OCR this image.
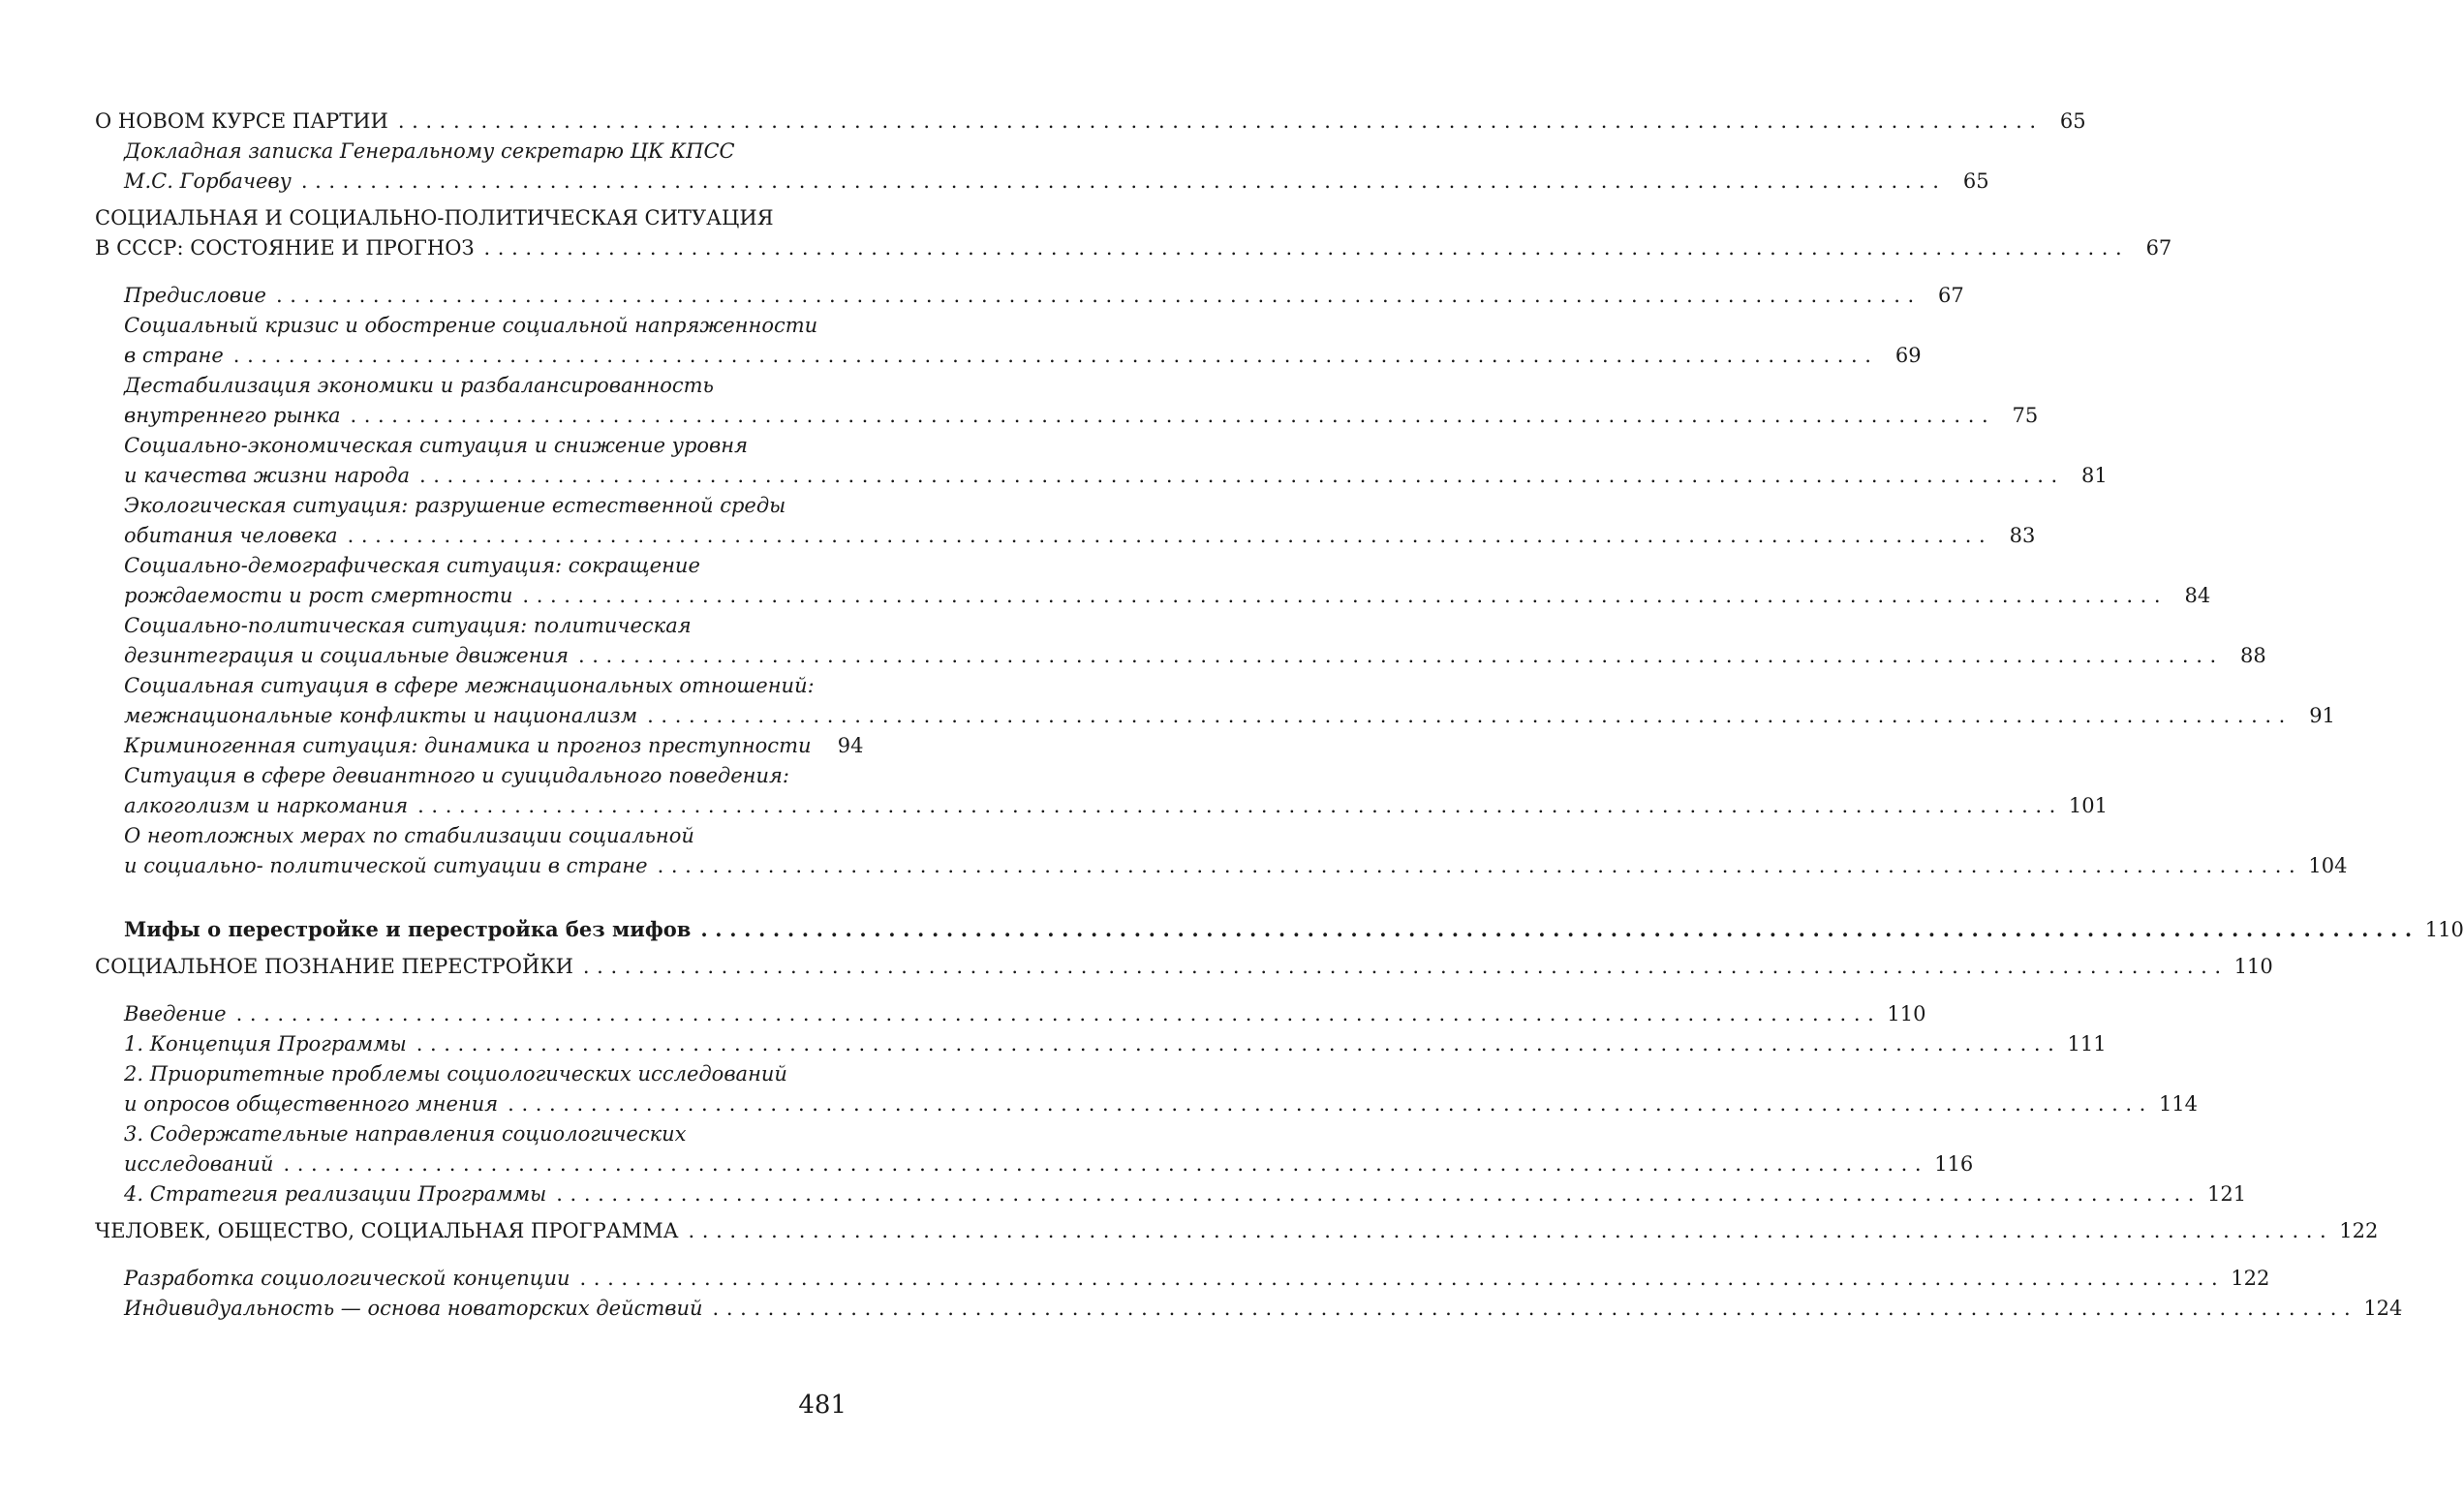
О НОВОМ КУРСЕ ПАРТИИ ....................................................................................................................... 65
Докладная записка Генеральному секретарю ЦК КПСС
М.С. Горбачеву ....................................................................................................................... 65
СОЦИАЛЬНАЯ И СОЦИАЛЬНО-ПОЛИТИЧЕСКАЯ СИТУАЦИЯ
В СССР: СОСТОЯНИЕ И ПРОГНОЗ ....................................................................................................................... 67
Предисловие ....................................................................................................................... 67
Социальный кризис и обострение социальной напряженности
в стране ....................................................................................................................... 69
Дестабилизация экономики и разбалансированность
внутреннего рынка ....................................................................................................................... 75
Социально-экономическая ситуация и снижение уровня
и качества жизни народа ....................................................................................................................... 81
Экологическая ситуация: разрушение естественной среды
обитания человека ....................................................................................................................... 83
Социально-демографическая ситуация: сокращение
рождаемости и рост смертности ....................................................................................................................... 84
Социально-политическая ситуация: политическая
дезинтеграция и социальные движения ....................................................................................................................... 88
Социальная ситуация в сфере межнациональных отношений:
межнациональные конфликты и национализм ....................................................................................................................... 91
Криминогенная ситуация: динамика и прогноз преступности	94
Ситуация в сфере девиантного и суицидального поведения:
алкоголизм и наркомания ....................................................................................................................... 101
О неотложных мерах по стабилизации социальной
и социально- политической ситуации в стране ....................................................................................................................... 104
Мифы о перестройке и перестройка без мифов ....................................................................................................................... 110
СОЦИАЛЬНОЕ ПОЗНАНИЕ ПЕРЕСТРОЙКИ ....................................................................................................................... 110
Введение ....................................................................................................................... 110
1. Концепция Программы ....................................................................................................................... 111
2. Приоритетные проблемы социологических исследований
и опросов общественного мнения ....................................................................................................................... 114
3. Содержательные направления социологических
исследований ....................................................................................................................... 116
4. Стратегия реализации Программы ....................................................................................................................... 121
ЧЕЛОВЕК, ОБЩЕСТВО, СОЦИАЛЬНАЯ ПРОГРАММА ....................................................................................................................... 122
Разработка социологической концепции ....................................................................................................................... 122
Индивидуальность — основа новаторских действий ....................................................................................................................... 124
481
